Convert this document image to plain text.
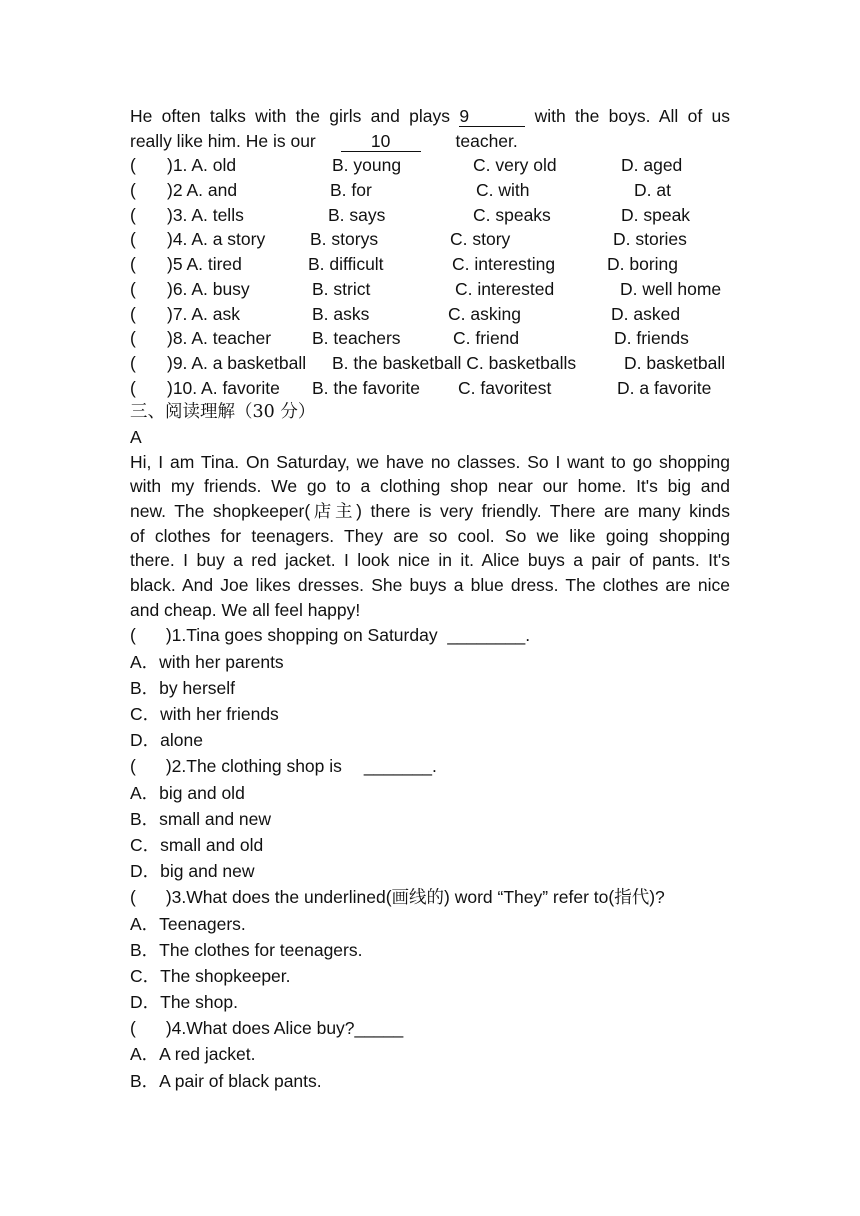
He often talks with the girls and plays 9	with the boys. All of us
really like him. He is our	10	teacher.
( )1. A. old	B. young	C. very old	D. aged
( )2 A. and	B. for	C. with	D. at
( )3. A. tells	B. says	C. speaks	D. speak
( )4. A. a story	B. storys	C. story	D. stories
( )5 A. tired	B. difficult	C. interesting	D. boring
( )6. A. busy	B. strict	C. interested	D. well home
( )7. A. ask	B. asks	C. asking	D. asked
( )8. A. teacher B. teachers	C. friend	D. friends
( )9. A. a basketball B. the basketball C. basketballs	D. basketball
( )10. A. favorite B. the favorite C. favoritest	D. a favorite
三、阅读理解（30 分）
A
Hi, I am Tina. On Saturday, we have no classes. So I want to go shopping
with my friends. We go to a clothing shop near our home. It's big and
new. The shopkeeper(店主) there is very friendly. There are many kinds
of clothes for teenagers. They are so cool. So we like going shopping
there. I buy a red jacket. I look nice in it. Alice buys a pair of pants. It's
black. And Joe likes dresses. She buys a blue dress. The clothes are nice
and cheap. We all feel happy!
( )1.Tina goes shopping on Saturday ________.
A．with her parents
B．by herself
C．with her friends
D．alone
( )2.The clothing shop is _______.
A．big and old
B．small and new
C．small and old
D．big and new
( )3.What does the underlined(画线的) word “They” refer to(指代)?
A．Teenagers.
B．The clothes for teenagers.
C．The shopkeeper.
D．The shop.
( )4.What does Alice buy?_____
A．A red jacket.
B．A pair of black pants.
